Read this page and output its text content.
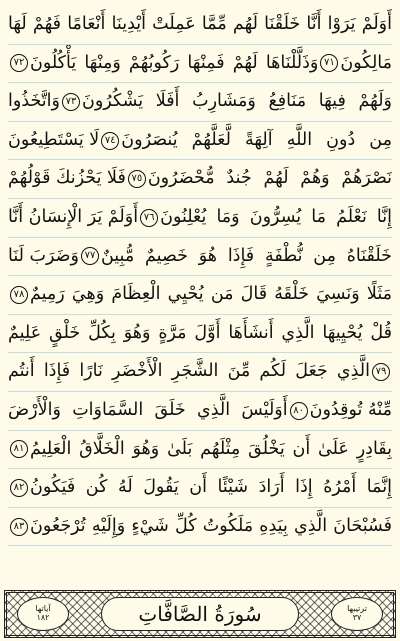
أَوَلَمْ يَرَوْا أَنَّا خَلَقْنَا لَهُم مِّمَّا عَمِلَتْ أَيْدِينَا أَنْعَامًا فَهُمْ لَهَا
مَالِكُونَ
٧١
وَذَلَّلْنَاهَا لَهُمْ فَمِنْهَا رَكُوبُهُمْ وَمِنْهَا يَأْكُلُونَ
٧٢
وَلَهُمْ فِيهَا مَنَافِعُ وَمَشَارِبُ أَفَلَا يَشْكُرُونَ
٧٣
وَاتَّخَذُوا
مِن دُونِ اللَّهِ آلِهَةً لَّعَلَّهُمْ يُنصَرُونَ
٧٤
لَا يَسْتَطِيعُونَ
نَصْرَهُمْ وَهُمْ لَهُمْ جُندٌ مُّحْضَرُونَ
٧٥
فَلَا يَحْزُنكَ قَوْلُهُمْ
إِنَّا نَعْلَمُ مَا يُسِرُّونَ وَمَا يُعْلِنُونَ
٧٦
أَوَلَمْ يَرَ الْإِنسَانُ أَنَّا
خَلَقْنَاهُ مِن نُّطْفَةٍ فَإِذَا هُوَ خَصِيمٌ مُّبِينٌ
٧٧
وَضَرَبَ لَنَا
مَثَلًا وَنَسِيَ خَلْقَهُ قَالَ مَن يُحْيِي الْعِظَامَ وَهِيَ رَمِيمٌ
٧٨
قُلْ يُحْيِيهَا الَّذِي أَنشَأَهَا أَوَّلَ مَرَّةٍ وَهُوَ بِكُلِّ خَلْقٍ عَلِيمٌ
٧٩
الَّذِي جَعَلَ لَكُم مِّنَ الشَّجَرِ الْأَخْضَرِ نَارًا فَإِذَا أَنتُم
مِّنْهُ تُوقِدُونَ
٨٠
أَوَلَيْسَ الَّذِي خَلَقَ السَّمَاوَاتِ وَالْأَرْضَ
بِقَادِرٍ عَلَىٰ أَن يَخْلُقَ مِثْلَهُم بَلَىٰ وَهُوَ الْخَلَّاقُ الْعَلِيمُ
٨١
إِنَّمَا أَمْرُهُ إِذَا أَرَادَ شَيْئًا أَن يَقُولَ لَهُ كُن فَيَكُونُ
٨٢
فَسُبْحَانَ الَّذِي بِيَدِهِ مَلَكُوتُ كُلِّ شَيْءٍ وَإِلَيْهِ تُرْجَعُونَ
٨٣
ترتيبها
٣٧
سُورَةُ الصَّافَّاتِ
آياتها
١٨٢
